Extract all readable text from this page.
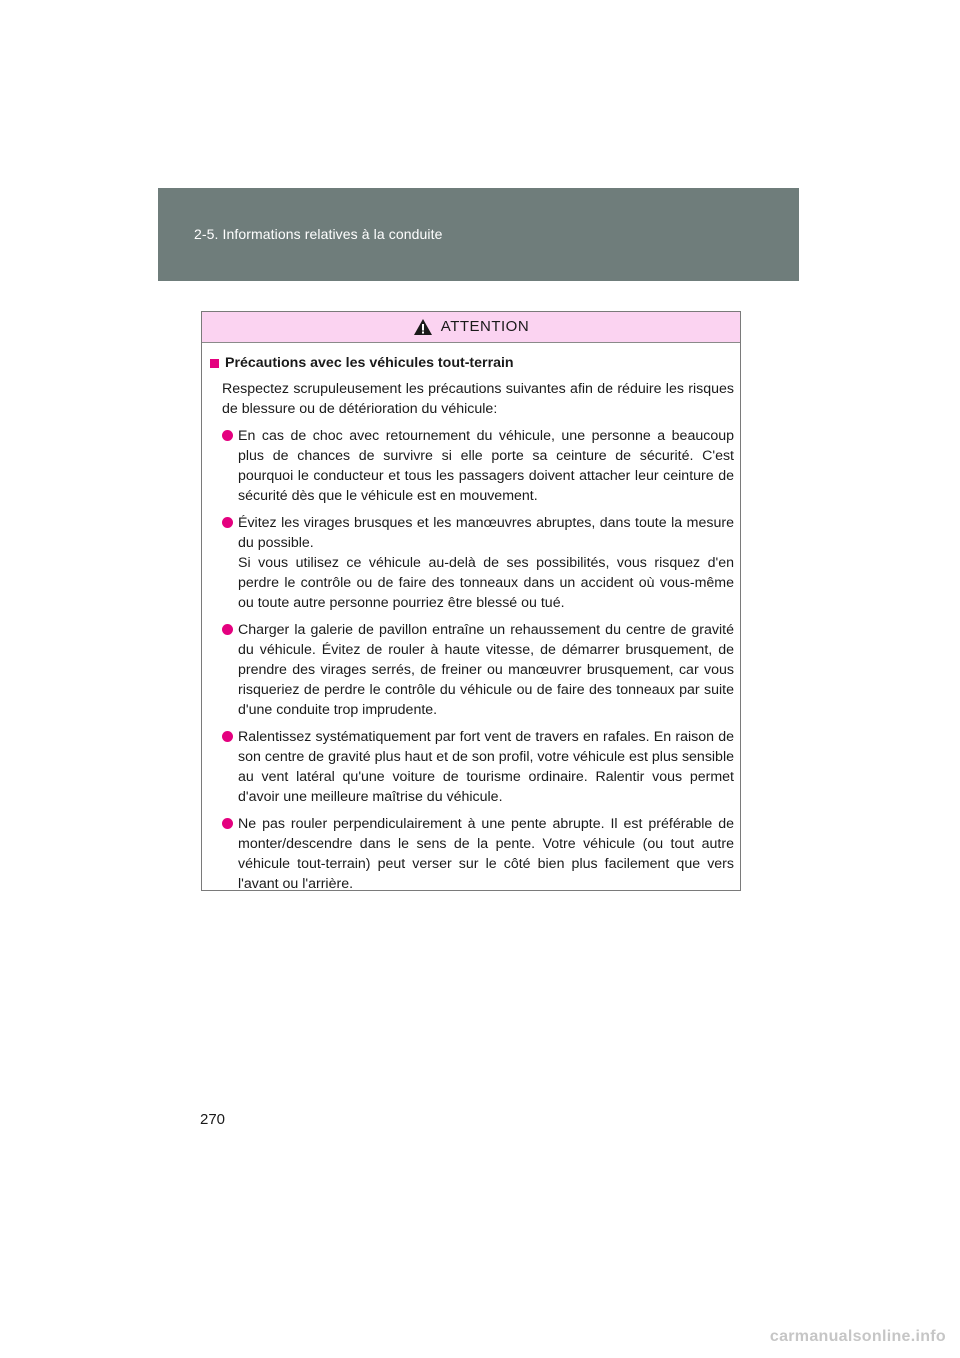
2-5. Informations relatives à la conduite
ATTENTION
Précautions avec les véhicules tout-terrain
Respectez scrupuleusement les précautions suivantes afin de réduire les risques de blessure ou de détérioration du véhicule:
En cas de choc avec retournement du véhicule, une personne a beaucoup plus de chances de survivre si elle porte sa ceinture de sécurité. C'est pourquoi le conducteur et tous les passagers doivent attacher leur ceinture de sécurité dès que le véhicule est en mouvement.
Évitez les virages brusques et les manœuvres abruptes, dans toute la mesure du possible.
Si vous utilisez ce véhicule au-delà de ses possibilités, vous risquez d'en perdre le contrôle ou de faire des tonneaux dans un accident où vous-même ou toute autre personne pourriez être blessé ou tué.
Charger la galerie de pavillon entraîne un rehaussement du centre de gravité du véhicule. Évitez de rouler à haute vitesse, de démarrer brusquement, de prendre des virages serrés, de freiner ou manœuvrer brusquement, car vous risqueriez de perdre le contrôle du véhicule ou de faire des tonneaux par suite d'une conduite trop imprudente.
Ralentissez systématiquement par fort vent de travers en rafales. En raison de son centre de gravité plus haut et de son profil, votre véhicule est plus sensible au vent latéral qu'une voiture de tourisme ordinaire. Ralentir vous permet d'avoir une meilleure maîtrise du véhicule.
Ne pas rouler perpendiculairement à une pente abrupte. Il est préférable de monter/descendre dans le sens de la pente. Votre véhicule (ou tout autre véhicule tout-terrain) peut verser sur le côté bien plus facilement que vers l'avant ou l'arrière.
270
carmanualsonline.info
